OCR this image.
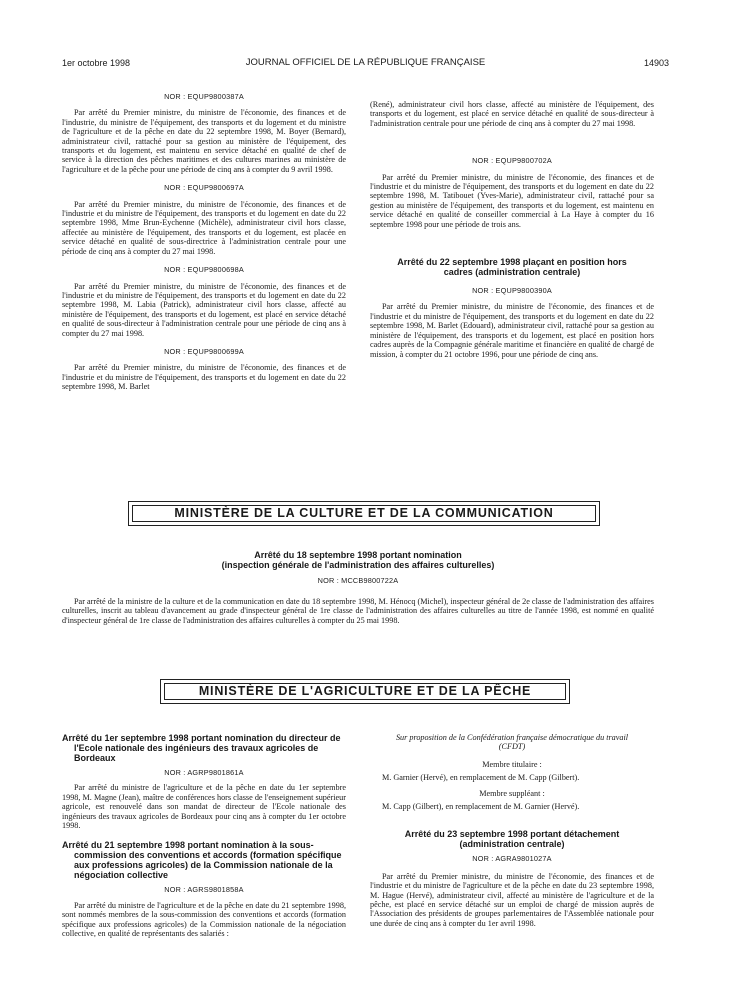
1er octobre 1998	JOURNAL OFFICIEL DE LA RÉPUBLIQUE FRANÇAISE	14903
NOR : EQUP9800387A

Par arrêté du Premier ministre, du ministre de l'économie, des finances et de l'industrie, du ministre de l'équipement, des transports et du logement et du ministre de l'agriculture et de la pêche en date du 22 septembre 1998, M. Boyer (Bernard), administrateur civil, rattaché pour sa gestion au ministère de l'équipement, des transports et du logement, est maintenu en service détaché en qualité de chef de service à la direction des pêches maritimes et des cultures marines au ministère de l'agriculture et de la pêche pour une période de cinq ans à compter du 9 avril 1998.

NOR : EQUP9800697A

Par arrêté du Premier ministre, du ministre de l'économie, des finances et de l'industrie et du ministre de l'équipement, des transports et du logement en date du 22 septembre 1998, Mme Brun-Eychenne (Michèle), administrateur civil hors classe, affectée au ministère de l'équipement, des transports et du logement, est placée en service détaché en qualité de sous-directrice à l'administration centrale pour une période de cinq ans à compter du 27 mai 1998.

NOR : EQUP9800698A

Par arrêté du Premier ministre, du ministre de l'économie, des finances et de l'industrie et du ministre de l'équipement, des transports et du logement en date du 22 septembre 1998, M. Labia (Patrick), administrateur civil hors classe, affecté au ministère de l'équipement, des transports et du logement, est placé en service détaché en qualité de sous-directeur à l'administration centrale pour une période de cinq ans à compter du 27 mai 1998.

NOR : EQUP9800699A

Par arrêté du Premier ministre, du ministre de l'économie, des finances et de l'industrie et du ministre de l'équipement, des transports et du logement en date du 22 septembre 1998, M. Barlet

(René), administrateur civil hors classe, affecté au ministère de l'équipement, des transports et du logement, est placé en service détaché en qualité de sous-directeur à l'administration centrale pour une période de cinq ans à compter du 27 mai 1998.

NOR : EQUP9800702A

Par arrêté du Premier ministre, du ministre de l'économie, des finances et de l'industrie et du ministre de l'équipement, des transports et du logement en date du 22 septembre 1998, M. Tatibouet (Yves-Marie), administrateur civil, rattaché pour sa gestion au ministère de l'équipement, des transports et du logement, est maintenu en service détaché en qualité de conseiller commercial à La Haye à compter du 16 septembre 1998 pour une période de trois ans.

Arrêté du 22 septembre 1998 plaçant en position hors cadres (administration centrale)
NOR : EQUP9800390A

Par arrêté du Premier ministre, du ministre de l'économie, des finances et de l'industrie et du ministre de l'équipement, des transports et du logement en date du 22 septembre 1998, M. Barlet (Edouard), administrateur civil, rattaché pour sa gestion au ministère de l'équipement, des transports et du logement, est placé en position hors cadres auprès de la Compagnie générale maritime et financière en qualité de chargé de mission, à compter du 21 octobre 1996, pour une période de cinq ans.

MINISTÈRE DE LA CULTURE ET DE LA COMMUNICATION
Arrêté du 18 septembre 1998 portant nomination
(inspection générale de l'administration des affaires culturelles)
NOR : MCCB9800722A

Par arrêté de la ministre de la culture et de la communication en date du 18 septembre 1998, M. Hénocq (Michel), inspecteur général de 2e classe de l'administration des affaires culturelles, inscrit au tableau d'avancement au grade d'inspecteur général de 1re classe de l'administration des affaires culturelles au titre de l'année 1998, est nommé en qualité d'inspecteur général de 1re classe de l'administration des affaires culturelles à compter du 25 mai 1998.

MINISTÈRE DE L'AGRICULTURE ET DE LA PÊCHE
Arrêté du 1er septembre 1998 portant nomination du directeur de l'Ecole nationale des ingénieurs des travaux agricoles de Bordeaux
NOR : AGRP9801861A

Par arrêté du ministre de l'agriculture et de la pêche en date du 1er septembre 1998, M. Magne (Jean), maître de conférences hors classe de l'enseignement supérieur agricole, est renouvelé dans son mandat de directeur de l'Ecole nationale des ingénieurs des travaux agricoles de Bordeaux pour cinq ans à compter du 1er octobre 1998.

Arrêté du 21 septembre 1998 portant nomination à la sous-commission des conventions et accords (formation spécifique aux professions agricoles) de la Commission nationale de la négociation collective
NOR : AGRS9801858A

Par arrêté du ministre de l'agriculture et de la pêche en date du 21 septembre 1998, sont nommés membres de la sous-commission des conventions et accords (formation spécifique aux professions agricoles) de la Commission nationale de la négociation collective, en qualité de représentants des salariés :

Sur proposition de la Confédération française démocratique du travail (CFDT)

Membre titulaire :

M. Garnier (Hervé), en remplacement de M. Capp (Gilbert).

Membre suppléant :

M. Capp (Gilbert), en remplacement de M. Garnier (Hervé).

Arrêté du 23 septembre 1998 portant détachement (administration centrale)
NOR : AGRA9801027A

Par arrêté du Premier ministre, du ministre de l'économie, des finances et de l'industrie et du ministre de l'agriculture et de la pêche en date du 23 septembre 1998, M. Hague (Hervé), administrateur civil, affecté au ministère de l'agriculture et de la pêche, est placé en service détaché sur un emploi de chargé de mission auprès de l'Association des présidents de groupes parlementaires de l'Assemblée nationale pour une durée de cinq ans à compter du 1er avril 1998.
